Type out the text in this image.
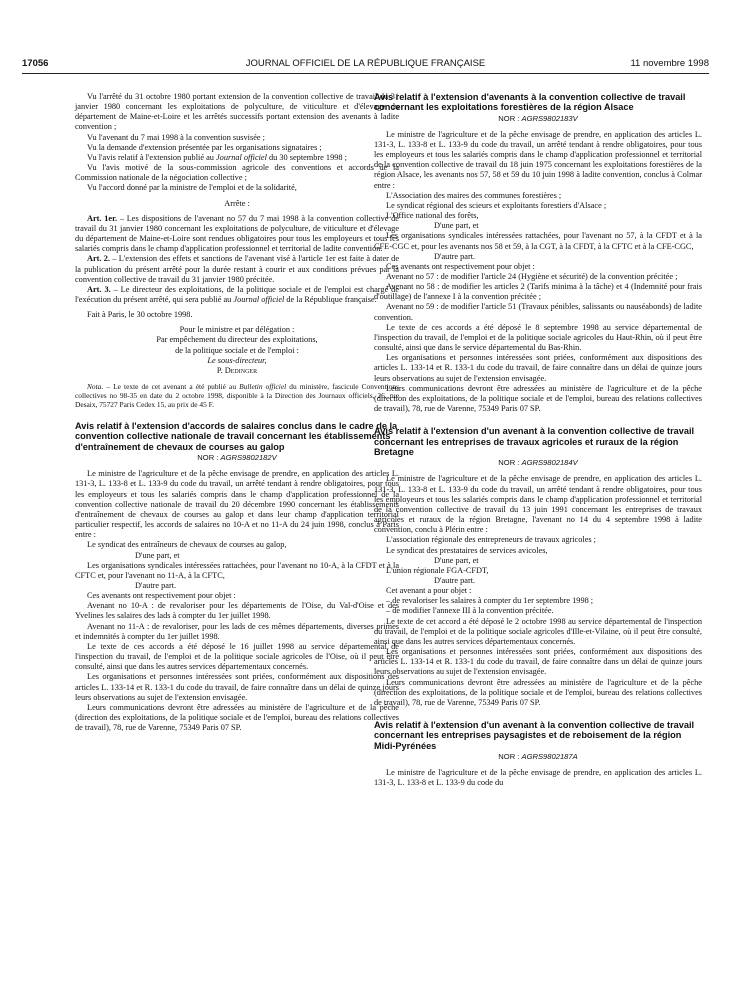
17056	JOURNAL OFFICIEL DE LA RÉPUBLIQUE FRANÇAISE	11 novembre 1998

Vu l'arrêté du 31 octobre 1980 portant extension de la convention collective de travail du 31 janvier 1980 concernant les exploitations de polyculture, de viticulture et d'élevage du département de Maine-et-Loire et les arrêtés successifs portant extension des avenants à ladite convention ;

Vu l'avenant du 7 mai 1998 à la convention susvisée ;

Vu la demande d'extension présentée par les organisations signataires ;

Vu l'avis relatif à l'extension publié au Journal officiel du 30 septembre 1998 ;

Vu l'avis motivé de la sous-commission agricole des conventions et accords de la Commission nationale de la négociation collective ;

Vu l'accord donné par la ministre de l'emploi et de la solidarité,

Arrête :

Art. 1er. – Les dispositions de l'avenant no 57 du 7 mai 1998 à la convention collective de travail du 31 janvier 1980 concernant les exploitations de polyculture, de viticulture et d'élevage du département de Maine-et-Loire sont rendues obligatoires pour tous les employeurs et tous les salariés compris dans le champ d'application professionnel et territorial de ladite convention.

Art. 2. – L'extension des effets et sanctions de l'avenant visé à l'article 1er est faite à dater de la publication du présent arrêté pour la durée restant à courir et aux conditions prévues par la convention collective de travail du 31 janvier 1980 précitée.

Art. 3. – Le directeur des exploitations, de la politique sociale et de l'emploi est chargé de l'exécution du présent arrêté, qui sera publié au Journal officiel de la République française.

Fait à Paris, le 30 octobre 1998.

Pour le ministre et par délégation :

Par empêchement du directeur des exploitations,

de la politique sociale et de l'emploi :

Le sous-directeur,

P. Dedinger

Nota. – Le texte de cet avenant a été publié au Bulletin officiel du ministère, fascicule Conventions collectives no 98-35 en date du 2 octobre 1998, disponible à la Direction des Journaux officiels, 26, rue Desaix, 75727 Paris Cedex 15, au prix de 45 F.

Avis relatif à l'extension d'accords de salaires conclus dans le cadre de la convention collective nationale de travail concernant les établissements d'entraînement de chevaux de courses au galop
NOR : AGRS9802182V

Le ministre de l'agriculture et de la pêche envisage de prendre, en application des articles L. 131-3, L. 133-8 et L. 133-9 du code du travail, un arrêté tendant à rendre obligatoires, pour tous les employeurs et tous les salariés compris dans le champ d'application professionnel de la convention collective nationale de travail du 20 décembre 1990 concernant les établissements d'entraînement de chevaux de courses au galop et dans leur champ d'application territorial particulier respectif, les accords de salaires no 10-A et no 11-A du 24 juin 1998, conclus à Paris entre :

Le syndicat des entraîneurs de chevaux de courses au galop,

D'une part, et

Les organisations syndicales intéressées rattachées, pour l'avenant no 10-A, à la CFDT et à la CFTC et, pour l'avenant no 11-A, à la CFTC,

D'autre part.

Ces avenants ont respectivement pour objet :

Avenant no 10-A : de revaloriser pour les départements de l'Oise, du Val-d'Oise et des Yvelines les salaires des lads à compter du 1er juillet 1998.

Avenant no 11-A : de revaloriser, pour les lads de ces mêmes départements, diverses primes et indemnités à compter du 1er juillet 1998.

Le texte de ces accords a été déposé le 16 juillet 1998 au service départemental de l'inspection du travail, de l'emploi et de la politique sociale agricoles de l'Oise, où il peut être consulté, ainsi que dans les autres services départementaux concernés.

Les organisations et personnes intéressées sont priées, conformément aux dispositions des articles L. 133-14 et R. 133-1 du code du travail, de faire connaître dans un délai de quinze jours leurs observations au sujet de l'extension envisagée.

Leurs communications devront être adressées au ministère de l'agriculture et de la pêche (direction des exploitations, de la politique sociale et de l'emploi, bureau des relations collectives de travail), 78, rue de Varenne, 75349 Paris 07 SP.

Avis relatif à l'extension d'avenants à la convention collective de travail concernant les exploitations forestières de la région Alsace
NOR : AGRS9802183V

Le ministre de l'agriculture et de la pêche envisage de prendre, en application des articles L. 131-3, L. 133-8 et L. 133-9 du code du travail, un arrêté tendant à rendre obligatoires, pour tous les employeurs et tous les salariés compris dans le champ d'application professionnel et territorial de la convention collective de travail du 18 juin 1975 concernant les exploitations forestières de la région Alsace, les avenants nos 57, 58 et 59 du 10 juin 1998 à ladite convention, conclus à Colmar entre :

L'Association des maires des communes forestières ;

Le syndicat régional des scieurs et exploitants forestiers d'Alsace ;

L'Office national des forêts,

D'une part, et

Les organisations syndicales intéressées rattachées, pour l'avenant no 57, à la CFDT et à la CFE-CGC et, pour les avenants nos 58 et 59, à la CGT, à la CFDT, à la CFTC et à la CFE-CGC,

D'autre part.

Ces avenants ont respectivement pour objet :

Avenant no 57 : de modifier l'article 24 (Hygiène et sécurité) de la convention précitée ;

Avenant no 58 : de modifier les articles 2 (Tarifs minima à la tâche) et 4 (Indemnité pour frais d'outillage) de l'annexe I à la convention précitée ;

Avenant no 59 : de modifier l'article 51 (Travaux pénibles, salissants ou nauséabonds) de ladite convention.

Le texte de ces accords a été déposé le 8 septembre 1998 au service départemental de l'inspection du travail, de l'emploi et de la politique sociale agricoles du Haut-Rhin, où il peut être consulté, ainsi que dans le service départemental du Bas-Rhin.

Les organisations et personnes intéressées sont priées, conformément aux dispositions des articles L. 133-14 et R. 133-1 du code du travail, de faire connaître dans un délai de quinze jours leurs observations au sujet de l'extension envisagée.

Leurs communications devront être adressées au ministère de l'agriculture et de la pêche (direction des exploitations, de la politique sociale et de l'emploi, bureau des relations collectives de travail), 78, rue de Varenne, 75349 Paris 07 SP.

Avis relatif à l'extension d'un avenant à la convention collective de travail concernant les entreprises de travaux agricoles et ruraux de la région Bretagne
NOR : AGRS9802184V

Le ministre de l'agriculture et de la pêche envisage de prendre, en application des articles L. 131-3, L. 133-8 et L. 133-9 du code du travail, un arrêté tendant à rendre obligatoires, pour tous les employeurs et tous les salariés compris dans le champ d'application professionnel et territorial de la convention collective de travail du 13 juin 1991 concernant les entreprises de travaux agricoles et ruraux de la région Bretagne, l'avenant no 14 du 4 septembre 1998 à ladite convention, conclu à Plérin entre :

L'association régionale des entrepreneurs de travaux agricoles ;

Le syndicat des prestataires de services avicoles,

D'une part, et

L'union régionale FGA-CFDT,

D'autre part.

Cet avenant a pour objet :

– de revaloriser les salaires à compter du 1er septembre 1998 ;

– de modifier l'annexe III à la convention précitée.

Le texte de cet accord a été déposé le 2 octobre 1998 au service départemental de l'inspection du travail, de l'emploi et de la politique sociale agricoles d'Ille-et-Vilaine, où il peut être consulté, ainsi que dans les autres services départementaux concernés.

Les organisations et personnes intéressées sont priées, conformément aux dispositions des articles L. 133-14 et R. 133-1 du code du travail, de faire connaître dans un délai de quinze jours leurs observations au sujet de l'extension envisagée.

Leurs communications devront être adressées au ministère de l'agriculture et de la pêche (direction des exploitations, de la politique sociale et de l'emploi, bureau des relations collectives de travail), 78, rue de Varenne, 75349 Paris 07 SP.

Avis relatif à l'extension d'un avenant à la convention collective de travail concernant les entreprises paysagistes et de reboisement de la région Midi-Pyrénées
NOR : AGRS9802187A

Le ministre de l'agriculture et de la pêche envisage de prendre, en application des articles L. 131-3, L. 133-8 et L. 133-9 du code du
